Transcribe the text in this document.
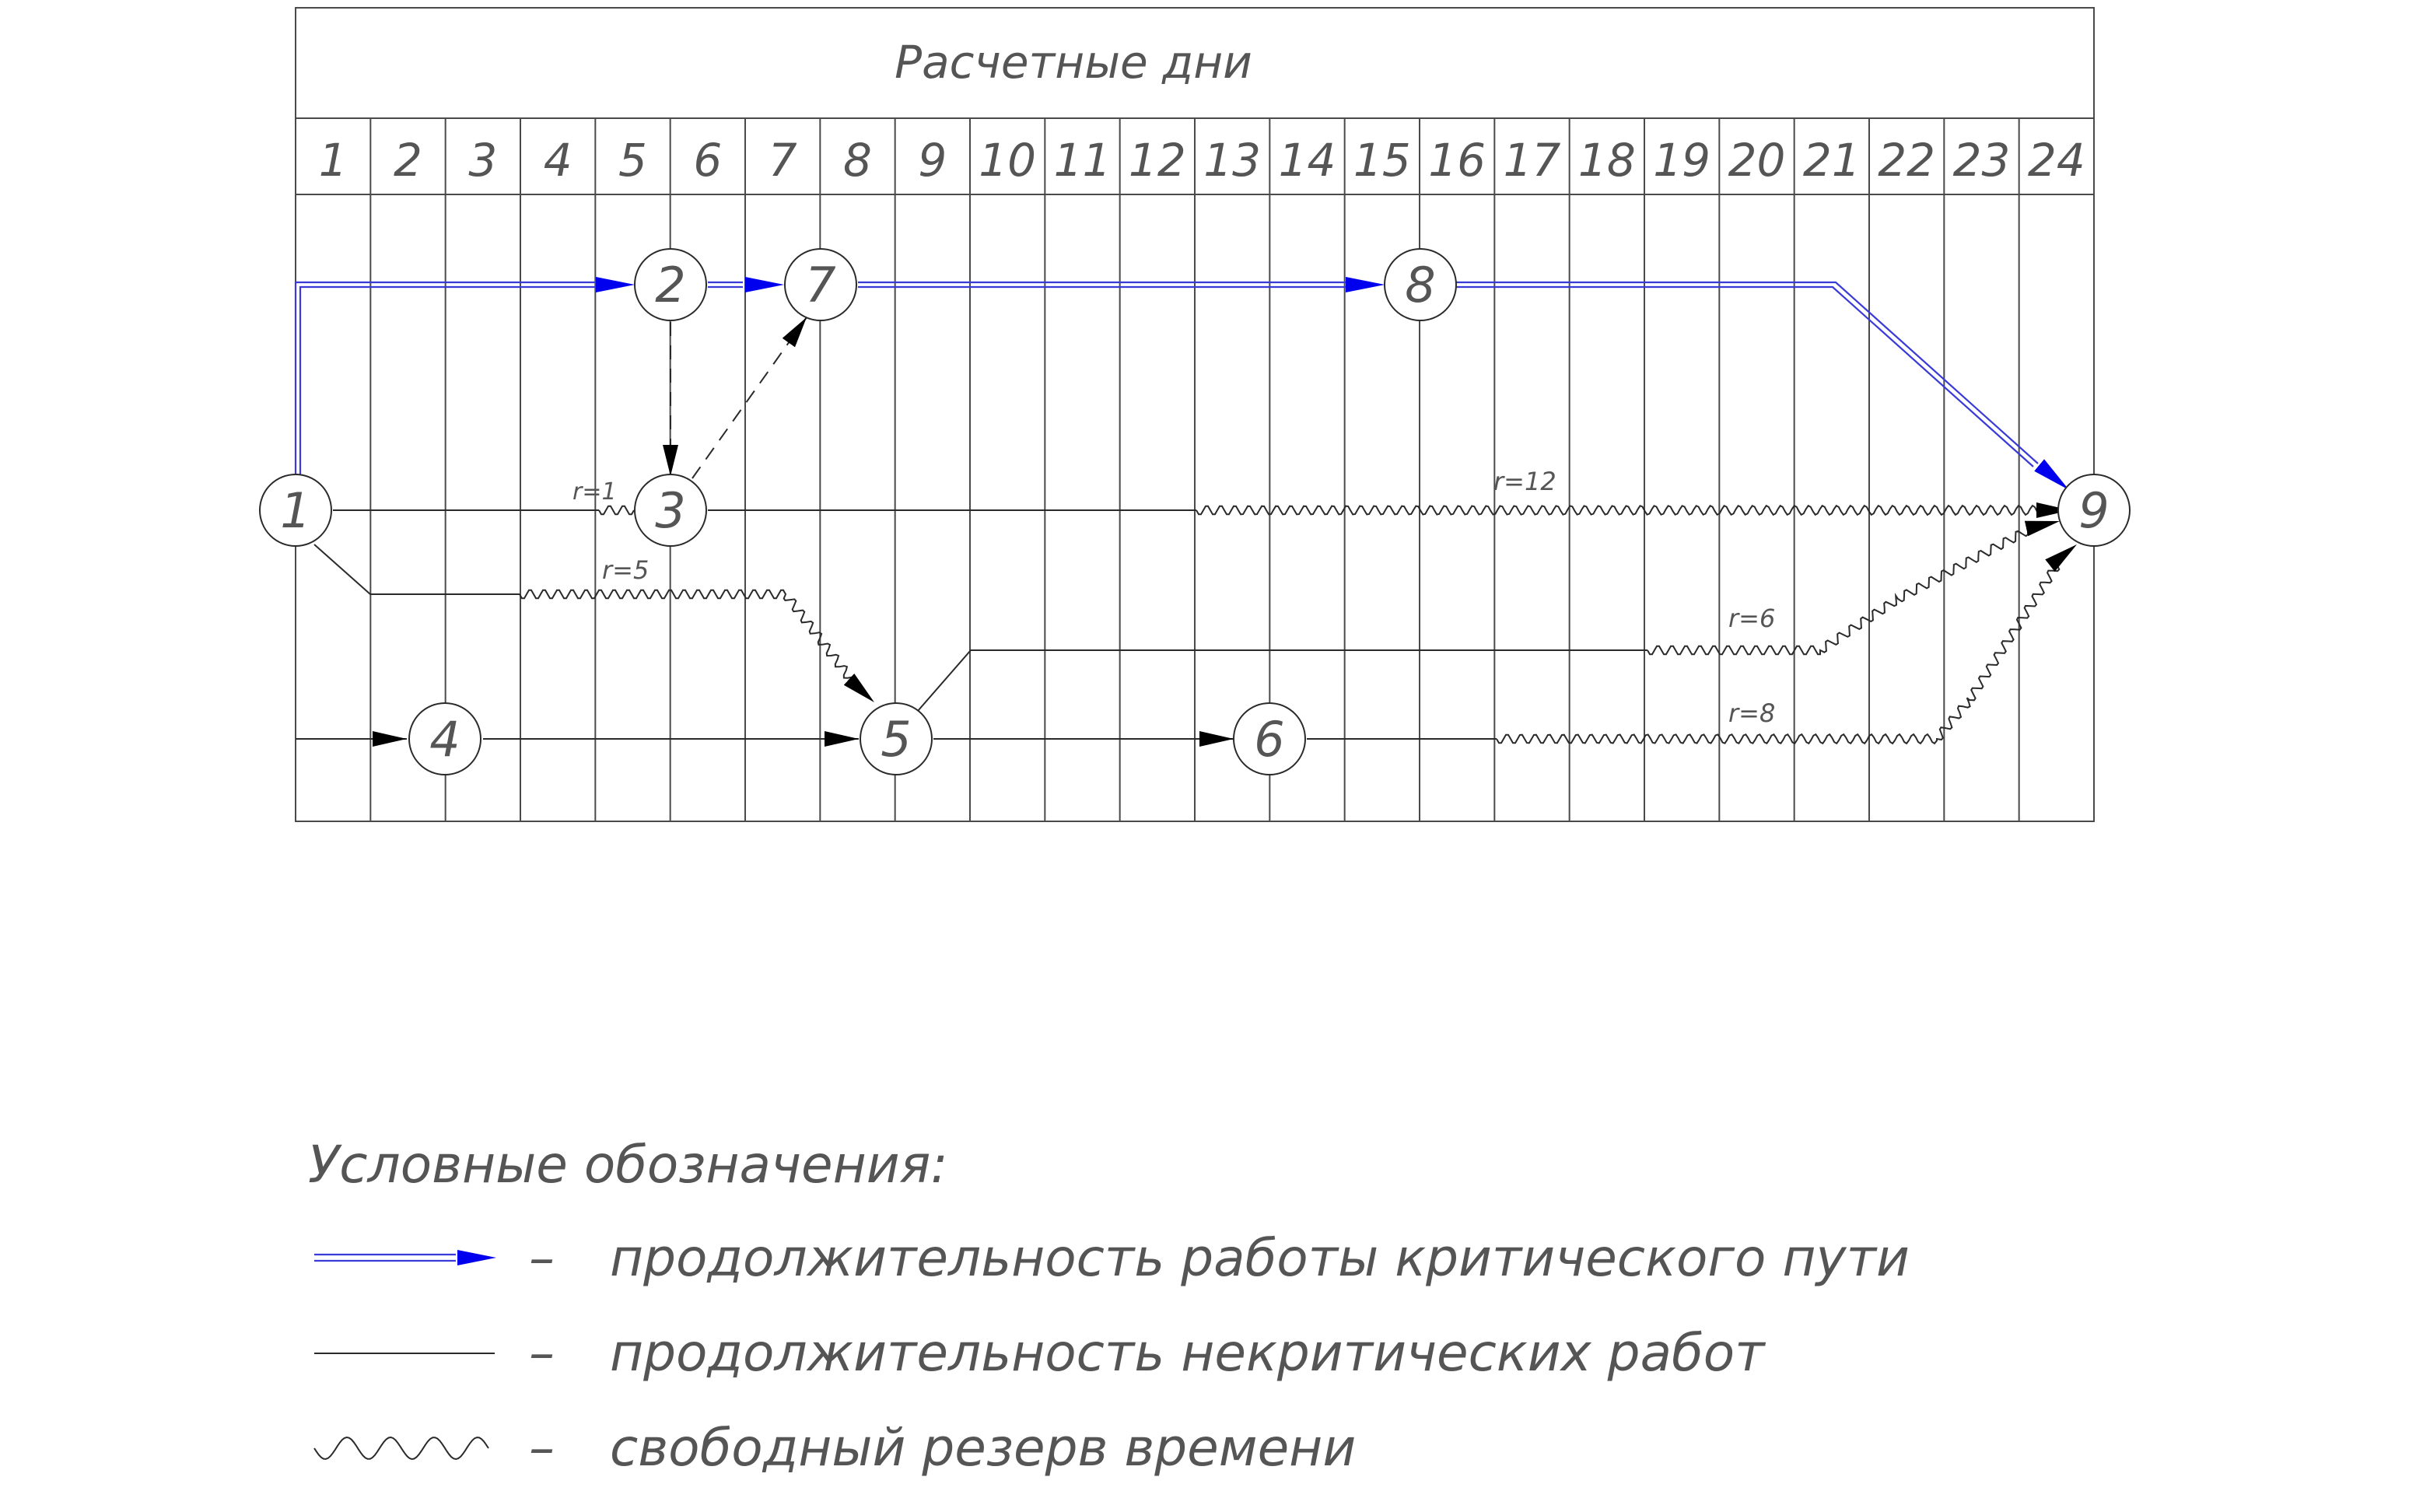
Расчетные дни
1 2 3 4 5 6 7 8 9 10 11 12 13 14 15 16 17 18 19 20 21 22 23 24
r=1
r=5
r=12
r=6
r=8
1
2
3
4	5	6
7	8
9
Условные обозначения:
– продолжительность работы критического пути
– продолжительность некритических работ
– свободный резерв времени
